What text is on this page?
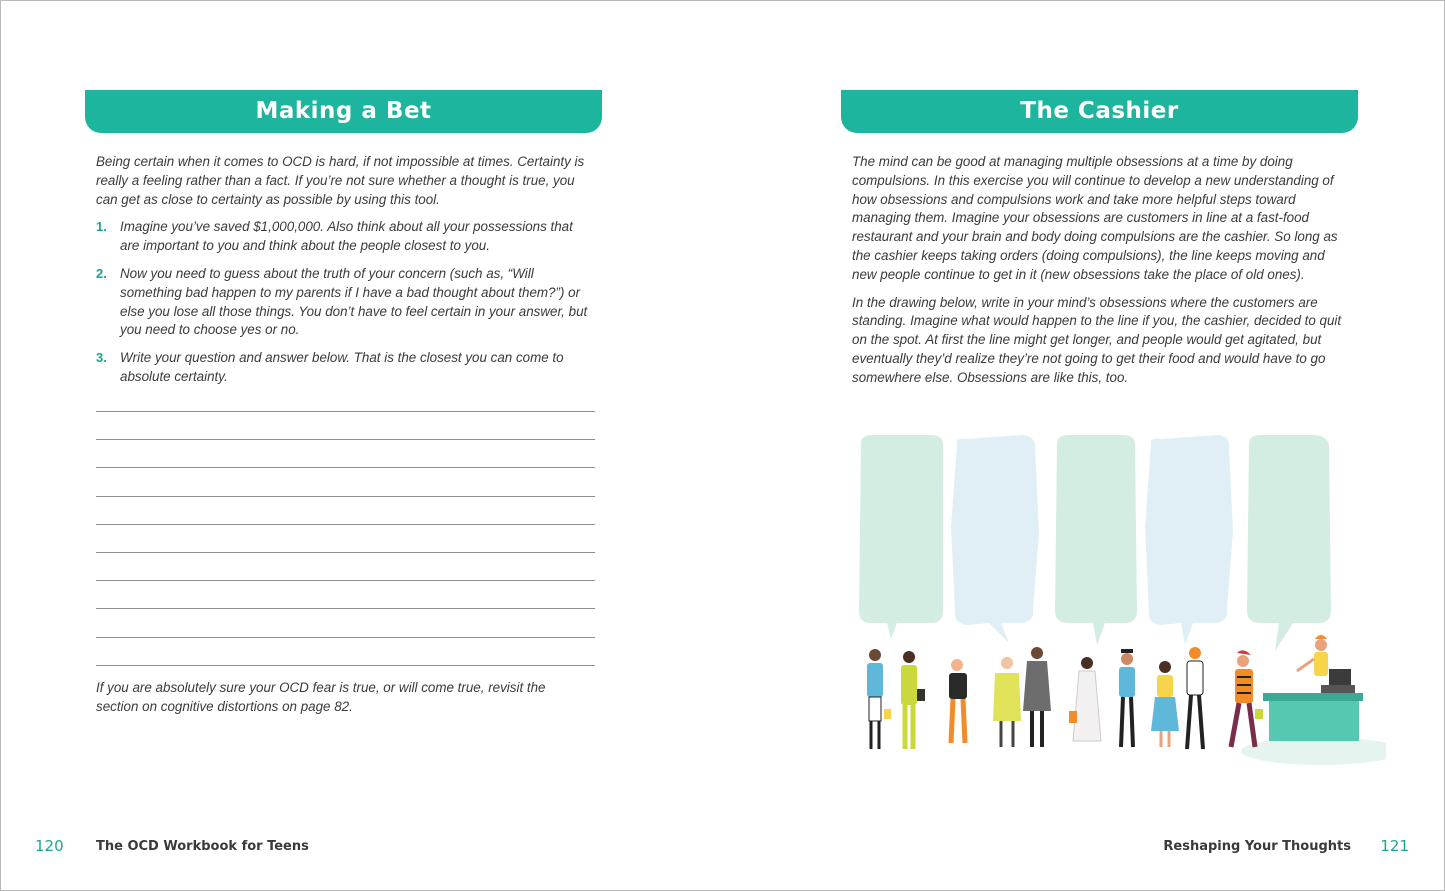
Making a Bet

Being certain when it comes to OCD is hard, if not impossible at times. Certainty is really a feeling rather than a fact. If you’re not sure whether a thought is true, you can get as close to certainty as possible by using this tool.

1. Imagine you’ve saved $1,000,000. Also think about all your possessions that are important to you and think about the people closest to you.
2. Now you need to guess about the truth of your concern (such as, “Will something bad happen to my parents if I have a bad thought about them?”) or else you lose all those things. You don’t have to feel certain in your answer, but you need to choose yes or no.
3. Write your question and answer below. That is the closest you can come to absolute certainty.
If you are absolutely sure your OCD fear is true, or will come true, revisit the section on cognitive distortions on page 82.
120 The OCD Workbook for Teens
The Cashier

The mind can be good at managing multiple obsessions at a time by doing compulsions. In this exercise you will continue to develop a new understanding of how obsessions and compulsions work and take more helpful steps toward managing them. Imagine your obsessions are customers in line at a fast-food restaurant and your brain and body doing compulsions are the cashier. So long as the cashier keeps taking orders (doing compulsions), the line keeps moving and new people continue to get in it (new obsessions take the place of old ones).

In the drawing below, write in your mind’s obsessions where the customers are standing. Imagine what would happen to the line if you, the cashier, decided to quit on the spot. At first the line might get longer, and people would get agitated, but eventually they’d realize they’re not going to get their food and would have to go somewhere else. Obsessions are like this, too.

Reshaping Your Thoughts 121
